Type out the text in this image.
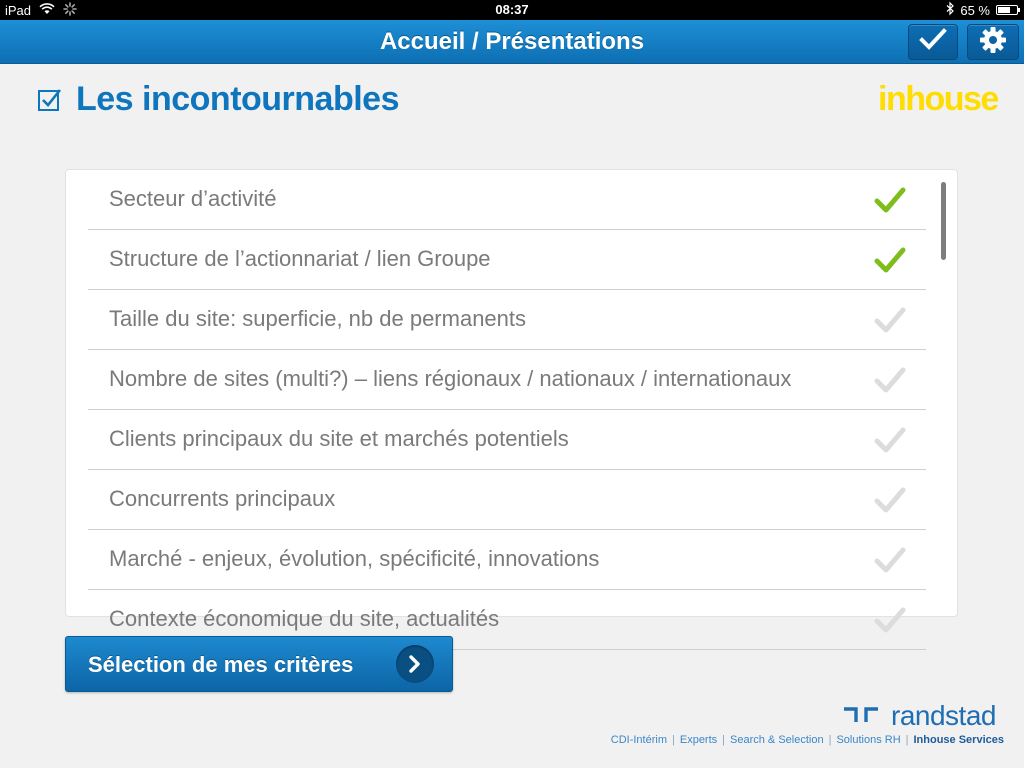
iPad	08:37	65 %
Accueil / Présentations
Les incontournables	inhouse
Secteur d’activité
Structure de l’actionnariat / lien Groupe
Taille du site: superficie, nb de permanents
Nombre de sites (multi?) – liens régionaux / nationaux / internationaux
Clients principaux du site et marchés potentiels
Concurrents principaux
Marché - enjeux, évolution, spécificité, innovations
Contexte économique du site, actualités
Sélection de mes critères
randstad
CDI-Intérim | Experts | Search & Selection | Solutions RH | Inhouse Services
